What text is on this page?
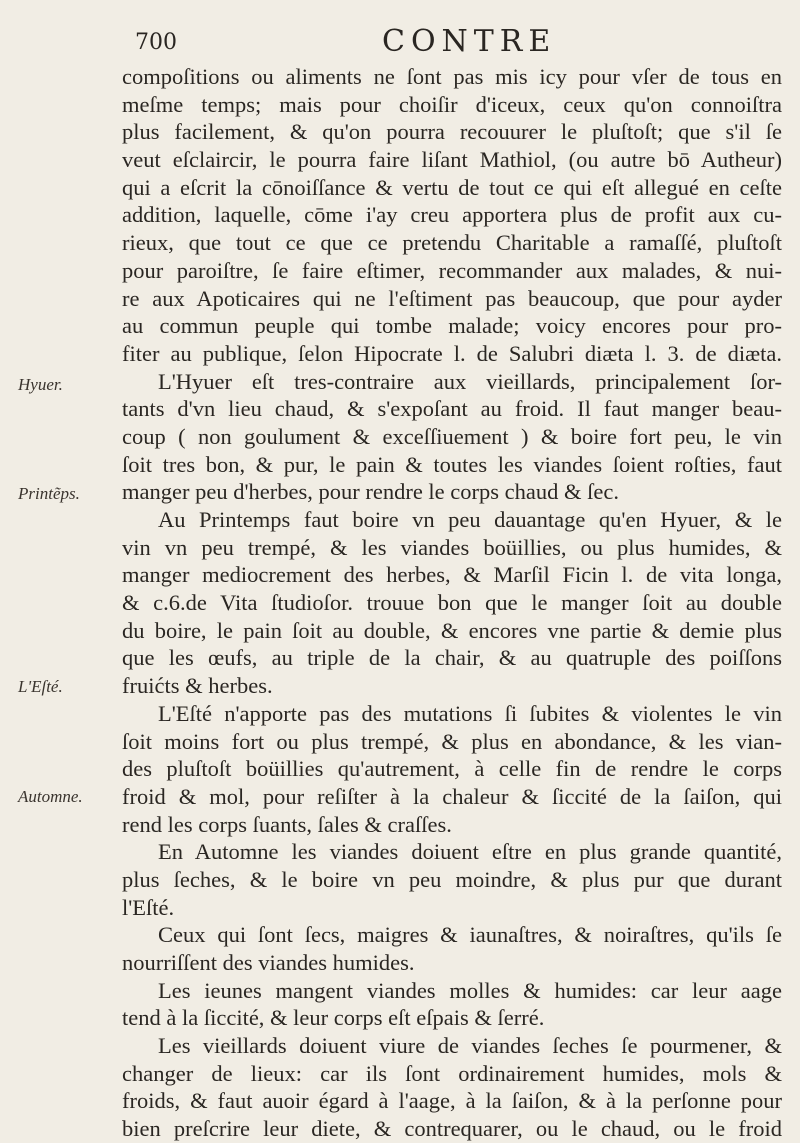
700	CONTRE
compoſitions ou aliments ne ſont pas mis icy pour vſer de tous en
meſme temps; mais pour choiſir d'iceux, ceux qu'on connoiſtra
plus facilement, & qu'on pourra recouurer le pluſtoſt; que s'il ſe
veut eſclaircir, le pourra faire liſant Mathiol, (ou autre bō Autheur)
qui a eſcrit la cōnoiſſance & vertu de tout ce qui eſt allegué en ceſte
addition, laquelle, cōme i'ay creu apportera plus de profit aux cu-
rieux, que tout ce que ce pretendu Charitable a ramaſſé, pluſtoſt
pour paroiſtre, ſe faire eſtimer, recommander aux malades, & nui-
re aux Apoticaires qui ne l'eſtiment pas beaucoup, que pour ayder
au commun peuple qui tombe malade; voicy encores pour pro-
fiter au publique, ſelon Hipocrate l. de Salubri diæta l. 3. de diæta.
L'Hyuer eſt tres-contraire aux vieillards, principalement ſor-
tants d'vn lieu chaud, & s'expoſant au froid. Il faut manger beau-
coup ( non goulument & exceſſiuement ) & boire fort peu, le vin
ſoit tres bon, & pur, le pain & toutes les viandes ſoient roſties, faut
manger peu d'herbes, pour rendre le corps chaud & ſec.
Au Printemps faut boire vn peu dauantage qu'en Hyuer, & le
vin vn peu trempé, & les viandes boüillies, ou plus humides, &
manger mediocrement des herbes, & Marſil Ficin l. de vita longa,
& c.6.de Vita ſtudioſor. trouue bon que le manger ſoit au double
du boire, le pain ſoit au double, & encores vne partie & demie plus
que les œufs, au triple de la chair, & au quatruple des poiſſons
fruićts & herbes.
L'Eſté n'apporte pas des mutations ſi ſubites & violentes le vin
ſoit moins fort ou plus trempé, & plus en abondance, & les vian-
des pluſtoſt boüillies qu'autrement, à celle fin de rendre le corps
froid & mol, pour reſiſter à la chaleur & ſiccité de la ſaiſon, qui
rend les corps ſuants, ſales & craſſes.
En Automne les viandes doiuent eſtre en plus grande quantité,
plus ſeches, & le boire vn peu moindre, & plus pur que durant
l'Eſté.
Ceux qui ſont ſecs, maigres & iaunaſtres, & noiraſtres, qu'ils ſe
nourriſſent des viandes humides.
Les ieunes mangent viandes molles & humides: car leur aage
tend à la ſiccité, & leur corps eſt eſpais & ſerré.
Les vieillards doiuent viure de viandes ſeches ſe pourmener, &
changer de lieux: car ils ſont ordinairement humides, mols &
froids, & faut auoir égard à l'aage, à la ſaiſon, & à la perſonne pour
bien preſcrire leur diete, & contrequarer, ou le chaud, ou le froid
Hyuer.
Printẽps.
L'Eſté.
Automne.
